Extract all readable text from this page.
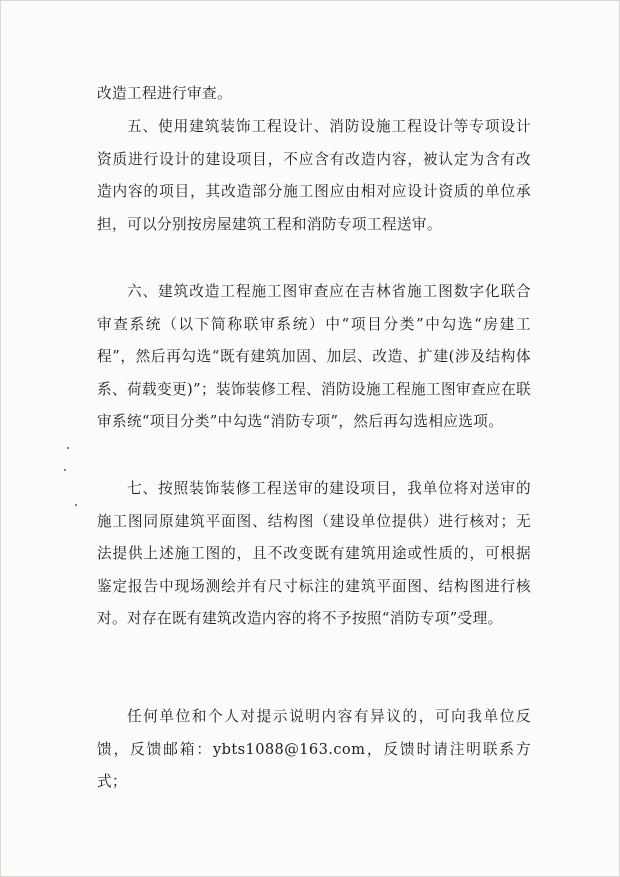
改造工程进行审查。

五、使用建筑装饰工程设计、消防设施工程设计等专项设计资质进行设计的建设项目，不应含有改造内容，被认定为含有改造内容的项目，其改造部分施工图应由相对应设计资质的单位承担，可以分别按房屋建筑工程和消防专项工程送审。

六、建筑改造工程施工图审查应在吉林省施工图数字化联合审查系统（以下简称联审系统）中“项目分类”中勾选“房建工程”，然后再勾选“既有建筑加固、加层、改造、扩建(涉及结构体系、荷载变更)”；装饰装修工程、消防设施工程施工图审查应在联审系统“项目分类”中勾选“消防专项”，然后再勾选相应选项。

七、按照装饰装修工程送审的建设项目，我单位将对送审的施工图同原建筑平面图、结构图（建设单位提供）进行核对；无法提供上述施工图的，且不改变既有建筑用途或性质的，可根据鉴定报告中现场测绘并有尺寸标注的建筑平面图、结构图进行核对。对存在既有建筑改造内容的将不予按照“消防专项”受理。

任何单位和个人对提示说明内容有异议的，可向我单位反馈，反馈邮箱：ybts1088@163.com，反馈时请注明联系方式；
